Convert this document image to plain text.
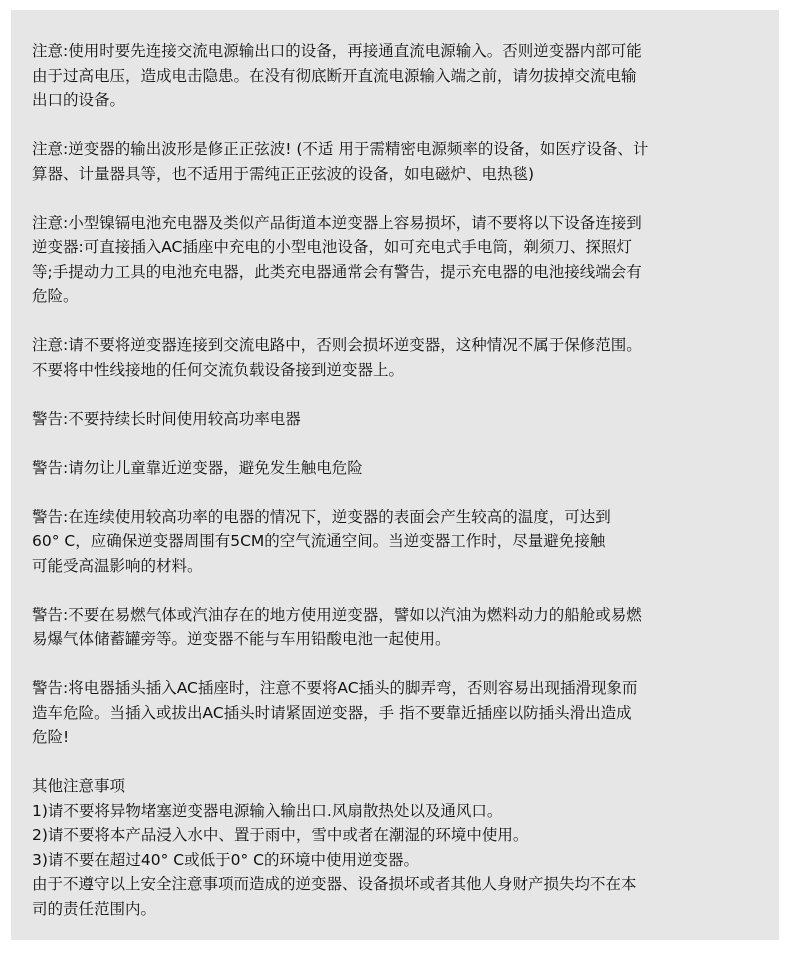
注意:使用时要先连接交流电源输出口的设备，再接通直流电源输入。否则逆变器内部可能
由于过高电压，造成电击隐患。在没有彻底断开直流电源输入端之前，请勿拔掉交流电输
出口的设备。
注意:逆变器的输出波形是修正正弦波! (不适 用于需精密电源频率的设备，如医疗设备、计
算器、计量器具等，也不适用于需纯正正弦波的设备，如电磁炉、电热毯)
注意:小型镍镉电池充电器及类似产品街道本逆变器上容易损坏，请不要将以下设备连接到
逆变器:可直接插入AC插座中充电的小型电池设备，如可充电式手电筒，剃须刀、探照灯
等;手提动力工具的电池充电器，此类充电器通常会有警告，提示充电器的电池接线端会有
危险。
注意:请不要将逆变器连接到交流电路中，否则会损坏逆变器，这种情况不属于保修范围。
不要将中性线接地的任何交流负载设备接到逆变器上。
警告:不要持续长时间使用较高功率电器
警告:请勿让儿童靠近逆变器，避免发生触电危险
警告:在连续使用较高功率的电器的情况下，逆变器的表面会产生较高的温度，可达到
60° C，应确保逆变器周围有5CM的空气流通空间。当逆变器工作时，尽量避免接触
可能受高温影响的材料。
警告:不要在易燃气体或汽油存在的地方使用逆变器，譬如以汽油为燃料动力的船舱或易燃
易爆气体储蓄罐旁等。逆变器不能与车用铅酸电池一起使用。
警告:将电器插头插入AC插座时，注意不要将AC插头的脚弄弯，否则容易出现插滑现象而
造车危险。当插入或拔出AC插头时请紧固逆变器，手 指不要靠近插座以防插头滑出造成
危险!
其他注意事项
1)请不要将异物堵塞逆变器电源输入输出口.风扇散热处以及通风口。
2)请不要将本产品浸入水中、置于雨中，雪中或者在潮湿的环境中使用。
3)请不要在超过40° C或低于0° C的环境中使用逆变器。
由于不遵守以上安全注意事项而造成的逆变器、设备损坏或者其他人身财产损失均不在本
司的责任范围内。
